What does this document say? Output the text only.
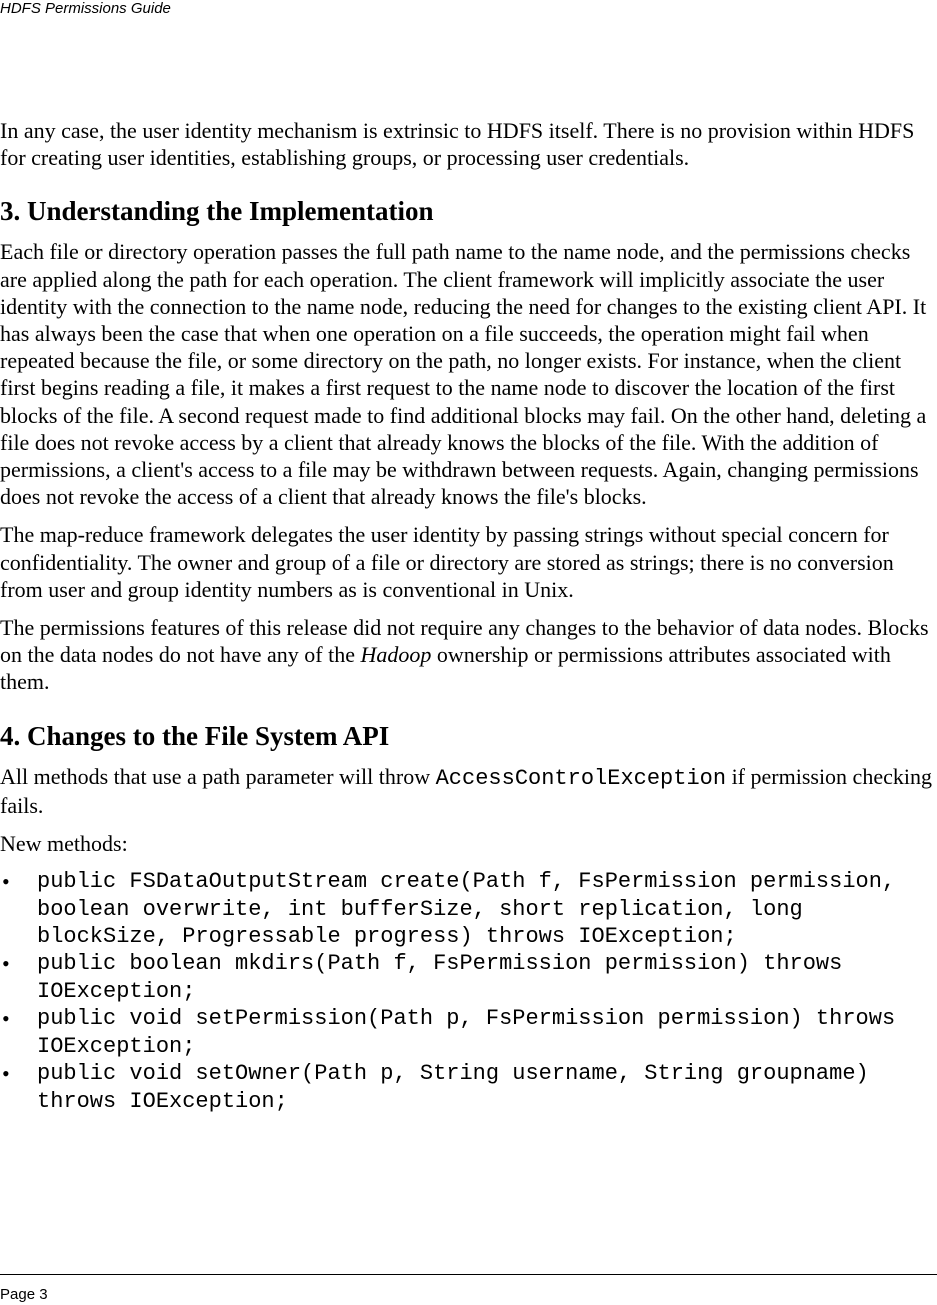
HDFS Permissions Guide

In any case, the user identity mechanism is extrinsic to HDFS itself. There is no provision within HDFS for creating user identities, establishing groups, or processing user credentials.

3. Understanding the Implementation

Each file or directory operation passes the full path name to the name node, and the permissions checks are applied along the path for each operation. The client framework will implicitly associate the user identity with the connection to the name node, reducing the need for changes to the existing client API. It has always been the case that when one operation on a file succeeds, the operation might fail when repeated because the file, or some directory on the path, no longer exists. For instance, when the client first begins reading a file, it makes a first request to the name node to discover the location of the first blocks of the file. A second request made to find additional blocks may fail. On the other hand, deleting a file does not revoke access by a client that already knows the blocks of the file. With the addition of permissions, a client's access to a file may be withdrawn between requests. Again, changing permissions does not revoke the access of a client that already knows the file's blocks.

The map-reduce framework delegates the user identity by passing strings without special concern for confidentiality. The owner and group of a file or directory are stored as strings; there is no conversion from user and group identity numbers as is conventional in Unix.

The permissions features of this release did not require any changes to the behavior of data nodes. Blocks on the data nodes do not have any of the Hadoop ownership or permissions attributes associated with them.

4. Changes to the File System API

All methods that use a path parameter will throw AccessControlException if permission checking fails.

New methods:

• public FSDataOutputStream create(Path f, FsPermission permission, boolean overwrite, int bufferSize, short replication, long blockSize, Progressable progress) throws IOException;
• public boolean mkdirs(Path f, FsPermission permission) throws IOException;
• public void setPermission(Path p, FsPermission permission) throws IOException;
• public void setOwner(Path p, String username, String groupname) throws IOException;
Page 3
